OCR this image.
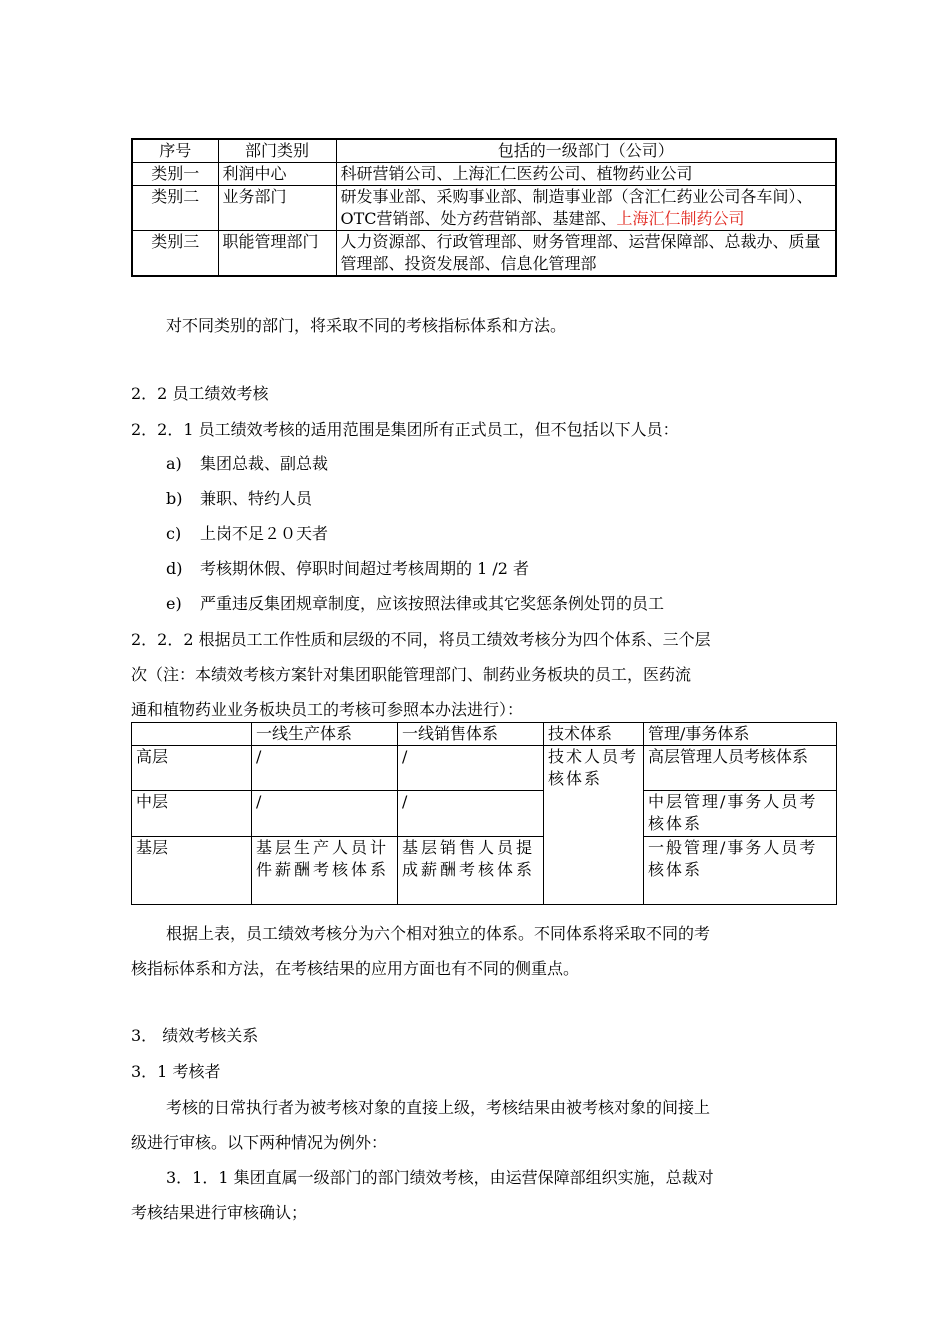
序号	部门类别	包括的一级部门（公司）
类别一	利润中心	科研营销公司、上海汇仁医药公司、植物药业公司
类别二	业务部门	研发事业部、采购事业部、制造事业部（含汇仁药业公司各车间）、OTC营销部、处方药营销部、基建部、上海汇仁制药公司
类别三	职能管理部门	人力资源部、行政管理部、财务管理部、运营保障部、总裁办、质量管理部、投资发展部、信息化管理部
对不同类别的部门，将采取不同的考核指标体系和方法。
2．2 员工绩效考核
2．2．1 员工绩效考核的适用范围是集团所有正式员工，但不包括以下人员：
a) 集团总裁、副总裁
b) 兼职、特约人员
c) 上岗不足２０天者
d) 考核期休假、停职时间超过考核周期的 1 /2 者
e) 严重违反集团规章制度，应该按照法律或其它奖惩条例处罚的员工
2．2．2 根据员工工作性质和层级的不同，将员工绩效考核分为四个体系、三个层
次（注：本绩效考核方案针对集团职能管理部门、制药业务板块的员工，医药流
通和植物药业业务板块员工的考核可参照本办法进行）：
	一线生产体系	一线销售体系	技术体系	管理/事务体系
高层	/	/	技术人员考核体系	高层管理人员考核体系
中层	/	/		中层管理/事务人员考核体系
基层	基层生产人员计件薪酬考核体系	基层销售人员提成薪酬考核体系		一般管理/事务人员考核体系
根据上表，员工绩效考核分为六个相对独立的体系。不同体系将采取不同的考
核指标体系和方法，在考核结果的应用方面也有不同的侧重点。
3． 绩效考核关系
3．1 考核者
考核的日常执行者为被考核对象的直接上级，考核结果由被考核对象的间接上
级进行审核。以下两种情况为例外：
3．1．1 集团直属一级部门的部门绩效考核，由运营保障部组织实施，总裁对
考核结果进行审核确认；
